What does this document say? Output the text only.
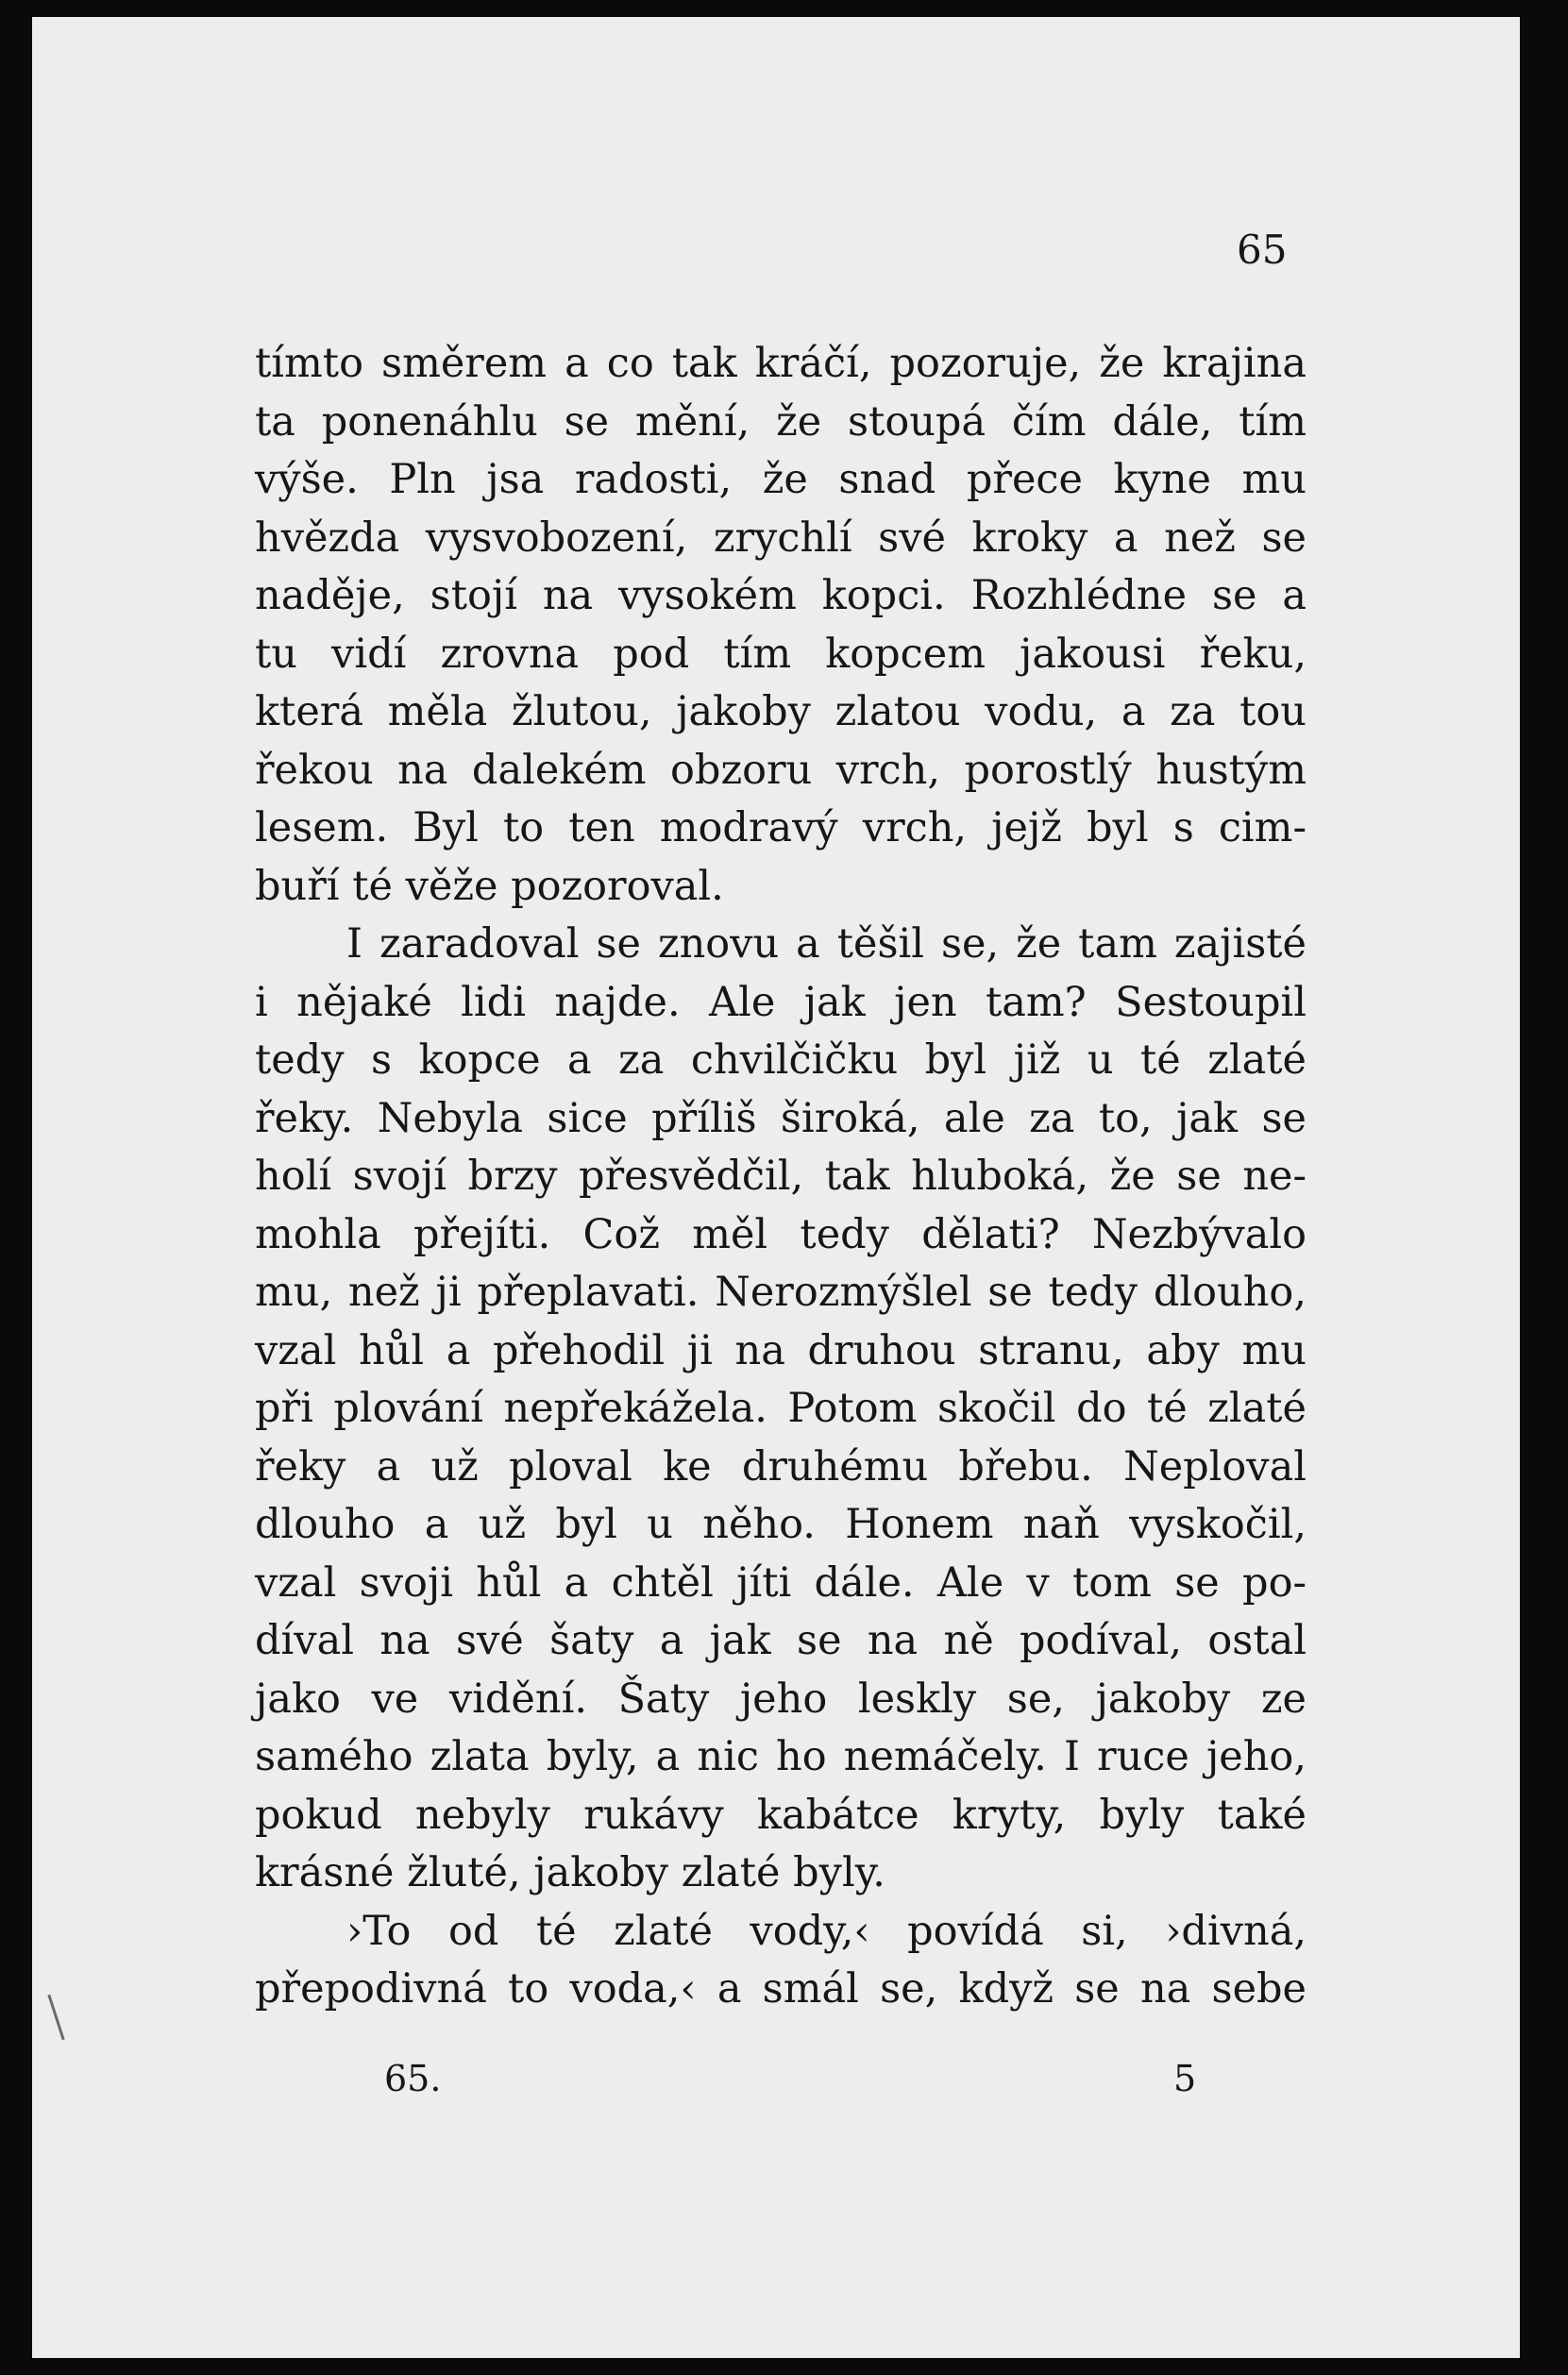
65

tímto směrem a co tak kráčí, pozoruje, že krajina
ta ponenáhlu se mění, že stoupá čím dále, tím
výše. Pln jsa radosti, že snad přece kyne mu
hvězda vysvobození, zrychlí své kroky a než se
naděje, stojí na vysokém kopci. Rozhlédne se a
tu vidí zrovna pod tím kopcem jakousi řeku,
která měla žlutou, jakoby zlatou vodu, a za tou
řekou na dalekém obzoru vrch, porostlý hustým
lesem. Byl to ten modravý vrch, jejž byl s cim-
buří té věže pozoroval.

I zaradoval se znovu a těšil se, že tam zajisté
i nějaké lidi najde. Ale jak jen tam? Sestoupil
tedy s kopce a za chvilčičku byl již u té zlaté
řeky. Nebyla sice příliš široká, ale za to, jak se
holí svojí brzy přesvědčil, tak hluboká, že se ne-
mohla přejíti. Což měl tedy dělati? Nezbývalo
mu, než ji přeplavati. Nerozmýšlel se tedy dlouho,
vzal hůl a přehodil ji na druhou stranu, aby mu
při plování nepřekážela. Potom skočil do té zlaté
řeky a už ploval ke druhému břebu. Neploval
dlouho a už byl u něho. Honem naň vyskočil,
vzal svoji hůl a chtěl jíti dále. Ale v tom se po-
díval na své šaty a jak se na ně podíval, ostal
jako ve vidění. Šaty jeho leskly se, jakoby ze
samého zlata byly, a nic ho nemáčely. I ruce jeho,
pokud nebyly rukávy kabátce kryty, byly také
krásné žluté, jakoby zlaté byly.

›To od té zlaté vody,‹ povídá si, ›divná,
přepodivná to voda,‹ a smál se, když se na sebe

65.	5
